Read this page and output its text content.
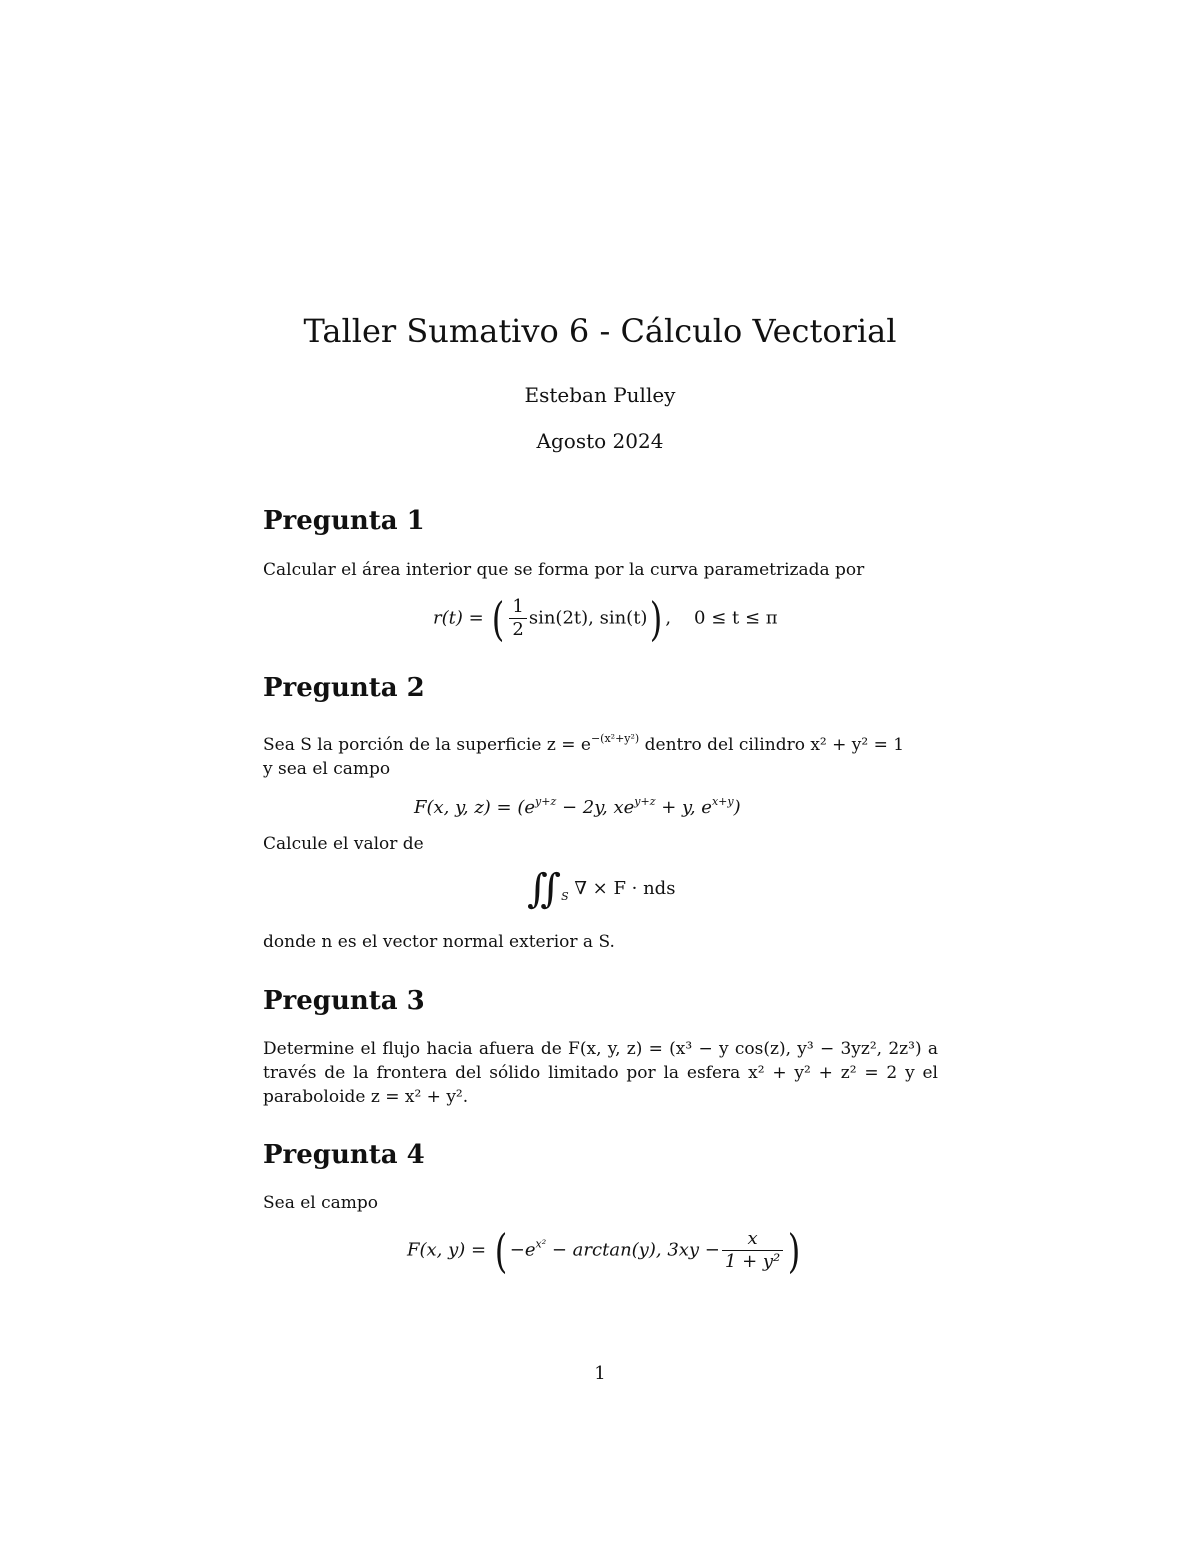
Taller Sumativo 6 - Cálculo Vectorial
Esteban Pulley
Agosto 2024
Pregunta 1
Calcular el área interior que se forma por la curva parametrizada por
r(t) = ( $\frac{1}{2} \sin(2t)$, sin(t)) ,    0 ≤ t ≤ π
Pregunta 2
Sea S la porción de la superficie $z = e^{-(x^2+y^2)}$ dentro del cilindro x² + y² = 1
y sea el campo
F(x, y, $z) = (e^{y+z} - 2y$, $xe^{y+z} + y$, $e^{x+y}$)
Calcule el valor de
$∬_S$ ∇ × F · nds
donde n es el vector normal exterior a S.
Pregunta 3
Determine el flujo hacia afuera de F(x, y, z) = (x³ − y cos(z), y³ − 3yz², 2z³) a través de la frontera del sólido limitado por la esfera x² + y² + z² = 2 y el paraboloide z = x² + y².
Pregunta 4
Sea el campo
F(x, y) = ( $-e^{x^2} - \arctan(y)$, $3xy - \frac{x}{\text{1 + y²}}$ )
1
